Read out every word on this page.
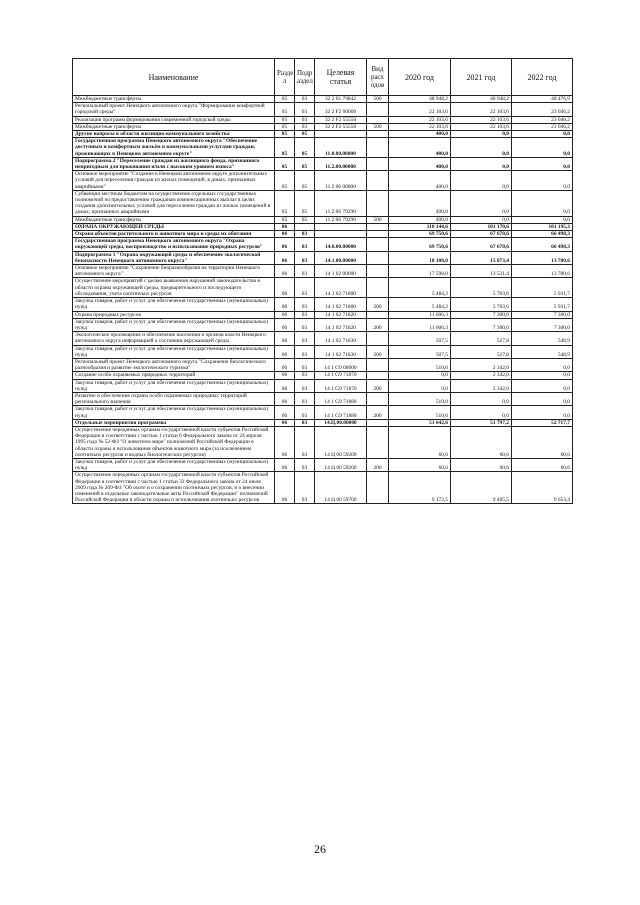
Наименование	Разде л	Подр аздел	Целевая статья	Вид расх одов	2020 год	2021 год	2022 год
Межбюджетные трансферты	05	03	32 2 01 79842	500	48 948,2	48 948,2	48 476,9
Региональный проект Ненецкого автономного округа "Формирование комфортной городской среды"	05	03	32 2 F2 00000		22 103,6	22 103,6	23 046,2
Реализация программ формирования современной городской среды	05	03	32 2 F2 55550		22 103,6	22 103,6	23 046,2
Межбюджетные трансферты	05	03	32 2 F2 55550	500	22 103,6	22 103,6	23 046,2
Другие вопросы в области жилищно-коммунального хозяйства	05	05			400,0	0,0	0,0
Государственная программа Ненецкого автономного округа "Обеспечение доступным и комфортным жильём и коммунальными услугами граждан, проживающих в Ненецком автономном округе"	05	05	11.0.00.00000		400,0	0,0	0,0
Подпрограмма 2 "Переселение граждан из жилищного фонда, признанного непригодным для проживания и/или с высоким уровнем износа"	05	05	11.2.00.00000		400,0	0,0	0,0
Основное мероприятие "Создание в Ненецком автономном округе дополнительных условий для переселения граждан из жилых помещений, в домах, признанных аварийными"	05	05	11 2 06 00000		400,0	0,0	0,0
Субвенции местным бюджетам на осуществление отдельных государственных полномочий по предоставлению гражданам компенсационных выплат в целях создания дополнительных условий для переселения граждан из жилых помещений в домах, признанных аварийными	05	05	11 2 06 79290		400,0	0,0	0,0
Межбюджетные трансферты	05	05	11 2 06 79290	500	400,0	0,0	0,0
ОХРАНА ОКРУЖАЮЩЕЙ СРЕДЫ	06				110 144,6	101 170,6	101 195,3
Охрана объектов растительного и животного мира и среды их обитания	06	03			69 750,6	67 670,6	66 498,3
Государственная программа Ненецкого автономного округа "Охрана окружающей среды, воспроизводство и использование природных ресурсов"	06	03	14.0.00.00000		69 750,6	67 670,6	66 498,3
Подпрограмма 1 "Охрана окружающей среды и обеспечение экологической безопасности Ненецкого автономного округа"	06	03	14.1.00.00000		18 108,0	15 873,4	13 780,6
Основное мероприятие "Сохранение биоразнообразия на территории Ненецкого автономного округа"	06	03	14 1 02 00000		17 598,0	13 531,4	13 780,6
Осуществление мероприятий с целью выявления нарушений законодательства в области охраны окружающей среды, предварительного и последующего обследования, учета охотничьих ресурсов	06	03	14 1 02 71800		5 484,2	5 703,6	5 931,7
Закупка товаров, работ и услуг для обеспечения государственных (муниципальных) нужд	06	03	14 1 02 71800	200	5 484,2	5 703,6	5 931,7
Охрана природных ресурсов	06	03	14 1 02 71820		11 606,3	7 300,0	7 300,0
Закупка товаров, работ и услуг для обеспечения государственных (муниципальных) нужд	06	03	14 1 02 71820	200	11 606,3	7 300,0	7 300,0
Экологическое просвещение и обеспечение населения и органов власти Ненецкого автономного округа информацией о состоянии окружающей среды	06	03	14 1 02 71830		507,5	527,8	548,9
Закупка товаров, работ и услуг для обеспечения государственных (муниципальных) нужд	06	03	14 1 02 71830	200	507,5	527,8	548,9
Региональный проект Ненецкого автономного округа "Сохранение биологического разнообразия и развитие экологического туризма"	06	03	14 1 G9 00000		510,0	2 342,0	0,0
Создание особо охраняемых природных территорий	06	03	14 1 G9 71870		0,0	2 342,0	0,0
Закупка товаров, работ и услуг для обеспечения государственных (муниципальных) нужд	06	03	14 1 G9 71870	200	0,0	2 342,0	0,0
Развитие и обеспечение охраны особо охраняемых природных территорий регионального значения	06	03	14 1 G9 71880		510,0	0,0	0,0
Закупка товаров, работ и услуг для обеспечения государственных (муниципальных) нужд	06	03	14 1 G9 71880	200	510,0	0,0	0,0
Отдельные мероприятия программы	06	03	14.Ц.00.00000		51 642,6	51 797,2	52 717,7
Осуществление переданных органам государственной власти субъектов Российской Федерации в соответствии с частью 1 статьи 6 Федерального закона от 24 апреля 1995 года № 52-ФЗ "О животном мире" полномочий Российской Федерации в области охраны и использования объектов животного мира (за исключением охотничьих ресурсов и водных биологических ресурсов)	06	03	14 Ц 00 59200		60,6	60,6	60,6
Закупка товаров, работ и услуг для обеспечения государственных (муниципальных) нужд	06	03	14 Ц 00 59200	200	60,6	60,6	60,6
Осуществление переданных органам государственной власти субъектов Российской Федерации в соответствии с частью 1 статьи 33 Федерального закона от 24 июля 2009 года № 209-ФЗ "Об охоте и о сохранении охотничьих ресурсов, и о внесении изменений в отдельные законодательные акты Российской Федерации" полномочий Российской Федерации в области охраны и использования охотничьих ресурсов	06	03	14 Ц 00 59700		9 172,5	9 405,5	9 653,4
26
